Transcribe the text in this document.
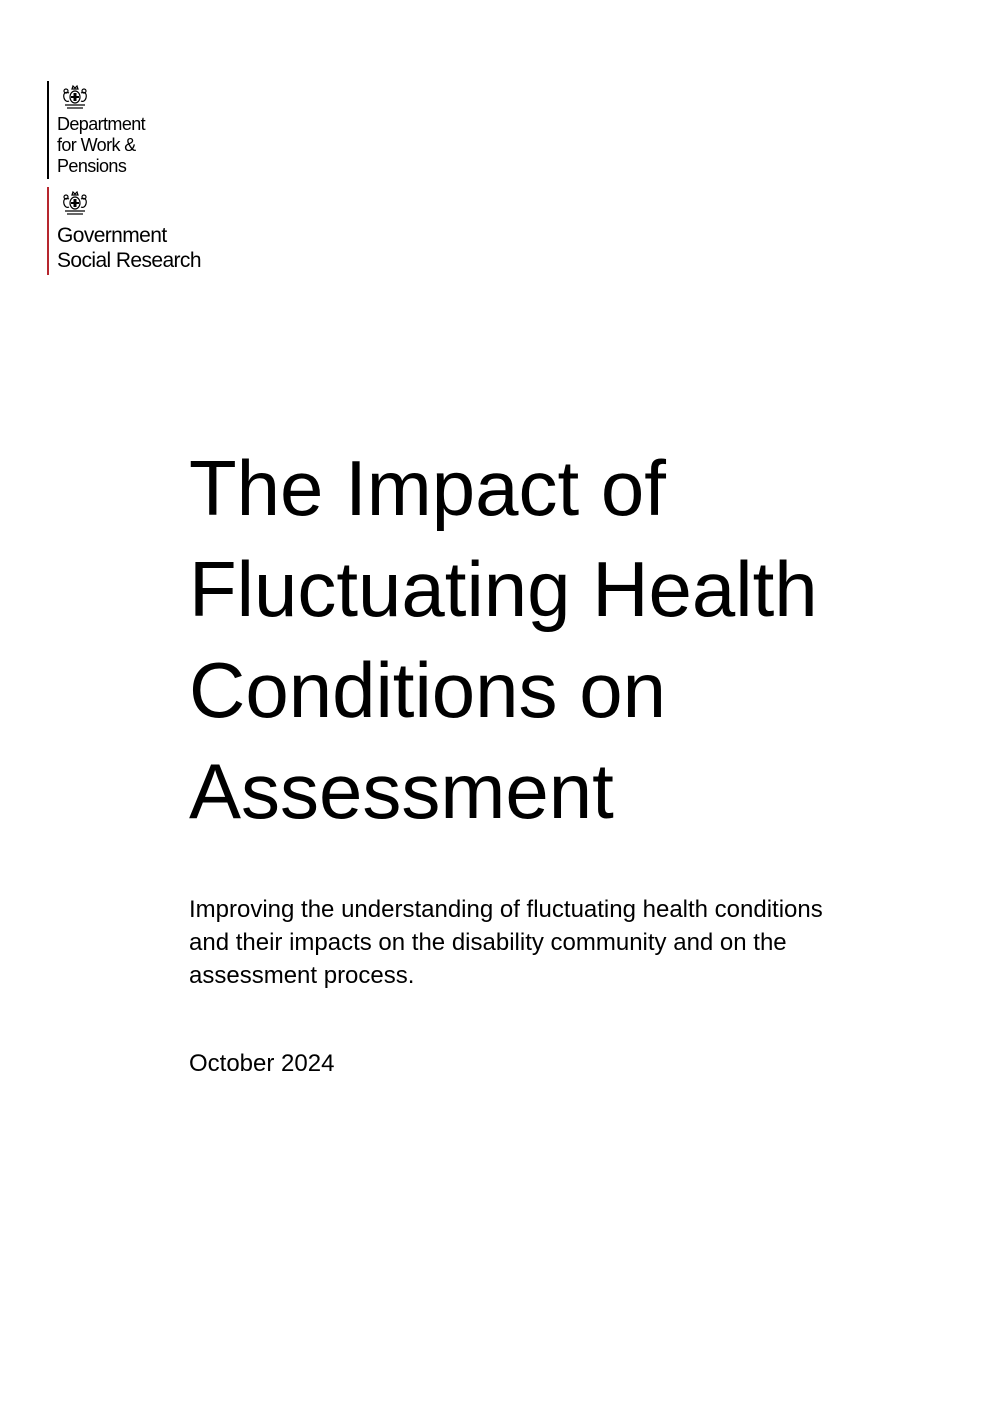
Department
for Work &
Pensions
Government
Social Research
The Impact of
Fluctuating Health
Conditions on
Assessment

Improving the understanding of fluctuating health conditions
and their impacts on the disability community and on the
assessment process.

October 2024
